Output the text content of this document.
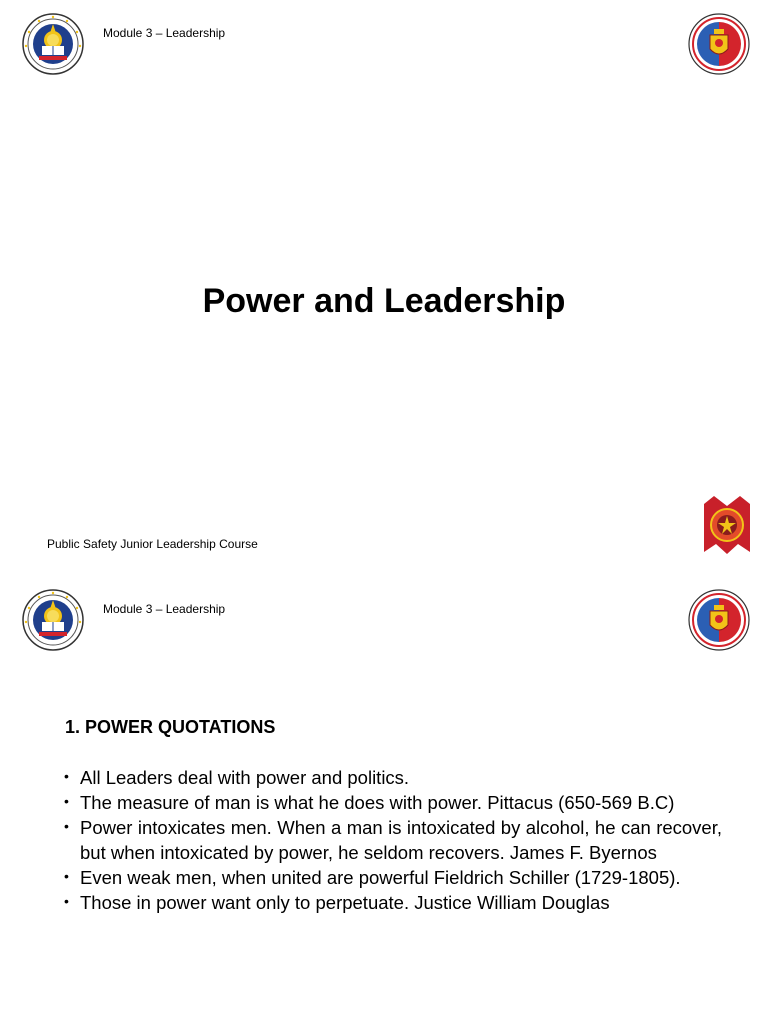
Module 3 – Leadership
Power and Leadership
Public Safety Junior Leadership Course
Module 3 – Leadership
1. POWER QUOTATIONS
• All Leaders deal with power and politics.
• The measure of man is what he does with power. Pittacus (650-569 B.C)
• Power intoxicates men. When a man is intoxicated by alcohol, he can recover, but when intoxicated by power, he seldom recovers. James F. Byernos
• Even weak men, when united are powerful Fieldrich Schiller (1729-1805).
• Those in power want only to perpetuate. Justice William Douglas
